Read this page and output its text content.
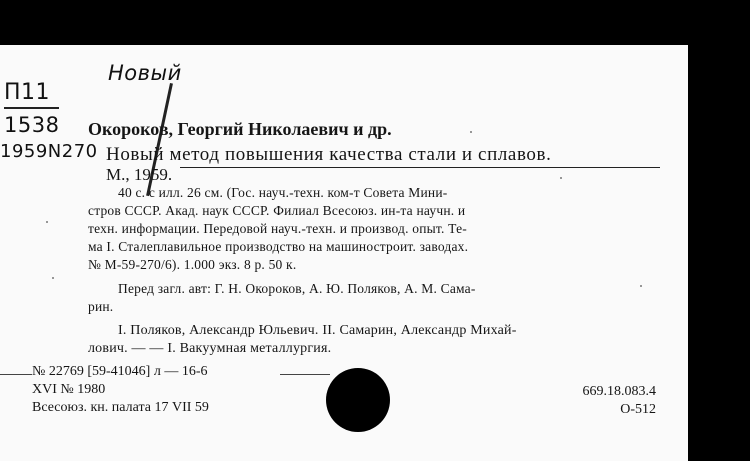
Новый
П11
1538
1959N270
Окороков, Георгий Николаевич и др.
Новый метод повышения качества стали и сплавов.
М., 1959.
40 с. с илл. 26 см. (Гос. науч.-техн. ком-т Совета Мини-
стров СССР. Акад. наук СССР. Филиал Всесоюз. ин-та научн. и
техн. информации. Передовой науч.-техн. и производ. опыт. Те-
ма I. Сталеплавильное производство на машиностроит. заводах.
№ М-59-270/6). 1.000 экз. 8 р. 50 к.
Перед загл. авт: Г. Н. Окороков, А. Ю. Поляков, А. М. Сама-
рин.
I. Поляков, Александр Юльевич. II. Самарин, Александр Михай-
лович. — — I. Вакуумная металлургия.
№ 22769 [59-41046] л — 16-6
XVI № 1980
Всесоюз. кн. палата 17 VII 59
669.18.083.4
О-512
